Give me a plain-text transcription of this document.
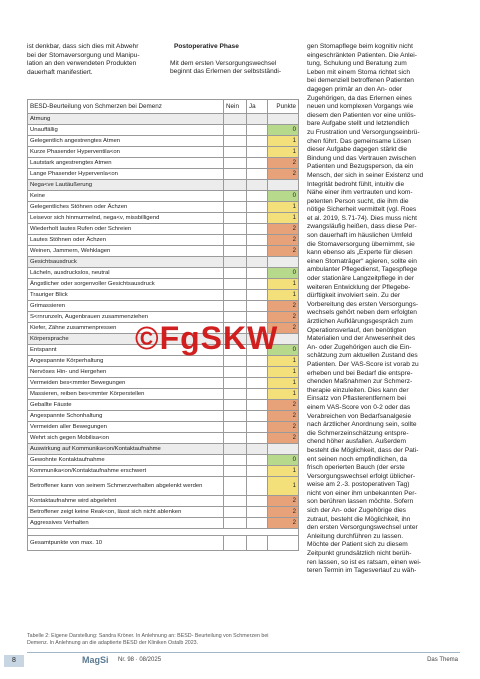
ist denkbar, dass sich dies mit Abwehr
bei der Stomaversorgung und Manipu-
lation an den verwendeten Produkten
dauerhaft manifestiert.
Postoperative Phase
Mit dem ersten Versorgungswechsel
beginnt das Erlernen der selbstständi-
gen Stomapflege beim kognitiv nicht
eingeschränkten Patienten. Die Anlei-
tung, Schulung und Beratung zum
Leben mit einem Stoma richtet sich
bei demenziell betroffenen Patienten
dagegen primär an den An- oder
Zugehörigen, da das Erlernen eines
neuen und komplexen Vorgangs wie
diesem den Patienten vor eine unlös-
bare Aufgabe stellt und letztendlich
zu Frustration und Versorgungseinbrü-
chen führt. Das gemeinsame Lösen
dieser Aufgabe dagegen stärkt die
Bindung und das Vertrauen zwischen
Patienten und Bezugsperson, da ein
Mensch, der sich in seiner Existenz und
Integrität bedroht fühlt, intuitiv die
Nähe einer ihm vertrauten und kom-
petenten Person sucht, die ihm die
nötige Sicherheit vermittelt (vgl. Roes
et al. 2019, S.71-74). Dies muss nicht
zwangsläufig heißen, dass diese Per-
son dauerhaft im häuslichen Umfeld
die Stomaversorgung übernimmt, sie
kann ebenso als „Experte für diesen
einen Stomaträger“ agieren, sollte ein
ambulanter Pflegedienst, Tagespflege
oder stationäre Langzeitpflege in der
weiteren Entwicklung der Pflegebe-
dürftigkeit involviert sein. Zu der
Vorbereitung des ersten Versorgungs-
wechsels gehört neben dem erfolgten
ärztlichen Aufklärungsgespräch zum
Operationsverlauf, den benötigten
Materialien und der Anwesenheit des
An- oder Zugehörigen auch die Ein-
schätzung zum aktuellen Zustand des
Patienten. Der VAS-Score ist vorab zu
erheben und bei Bedarf die entspre-
chenden Maßnahmen zur Schmerz-
therapie einzuleiten. Dies kann der
Einsatz von Pflasterentfernern bei
einem VAS-Score von 0-2 oder das
Verabreichen von Bedarfsanalgesie
nach ärztlicher Anordnung sein, sollte
die Schmerzeinschätzung entspre-
chend höher ausfallen. Außerdem
besteht die Möglichkeit, dass der Pati-
ent seinen noch empfindlichen, da
frisch operierten Bauch (der erste
Versorgungswechsel erfolgt üblicher-
weise am 2.-3. postoperativen Tag)
nicht von einer ihm unbekannten Per-
son berühren lassen möchte. Sofern
sich der An- oder Zugehörige dies
zutraut, besteht die Möglichkeit, ihn
den ersten Versorgungswechsel unter
Anleitung durchführen zu lassen.
Möchte der Patient sich zu diesem
Zeitpunkt grundsätzlich nicht berüh-
ren lassen, so ist es ratsam, einen wei-
teren Termin im Tagesverlauf zu wäh-
BESD-Beurteilung von Schmerzen bei Demenz	Nein	Ja	Punkte
Atmung			
Unauffällig			0
Gelegentlich angestrengtes Atmen			1
Kurze Phasender Hyperventila<on			1
Lautstark angestrengtes Atmen			2
Lange Phasender Hypervenla<on			2
Nega<ve Lautäußerung			
Keine			0
Gelegentliches Stöhnen oder Ächzen			1
Leisevor sich hinmurmelnd, nega<v, missbilligend			1
Wiederholt lautes Rufen oder Schreien			2
Lautes Stöhnen oder Ächzen			2
Weinen, Jammern, Wehklagen			2
Gesichtsausdruck			
Lächeln, ausdruckslos, neutral			0
Ängstlicher oder sorgenvoller Gesichtsausdruck			1
Trauriger Blick			1
Grimassieren			2
S<rnrunzeln, Augenbrauen zusammenziehen			2
Kiefer, Zähne zusammenpressen			2
Körpersprache			
Entspannt			0
Angespannte Körperhaltung			1
Nervöses Hin- und Hergehen			1
Vermeiden bes<mmter Bewegungen			1
Massieren, reiben bes<mmter Körperstellen			1
Geballte Fäuste			2
Angespannte Schonhaltung			2
Vermeiden aller Bewegungen			2
Wehrt sich gegen Mobilisa<on			2
Auswirkung auf Kommunika<on/Kontaktaufnahme			
Gewohnte Kontaktaufnahme			0
Kommunika<on/Kontaktaufnahme erschwert			1
Betroffener kann von seinem Schmerzverhalten abgelenkt werden			1
Kontaktaufnahme wird abgelehnt			2
Betroffener zeigt keine Reak<on, lässt sich nicht ablenken			2
Aggressives Verhalten			2

Gesamtpunkte von max. 10			
Tabelle 2: Eigene Darstellung: Sandra Kröner. In Anlehnung an: BESD- Beurteilung von Schmerzen bei
Demenz. In Anlehnung an die adaptierte BESD der Kliniken Ostalb 2023.
©FgSKW
8	MagSi Nr. 98 · 08/2025	Das Thema
